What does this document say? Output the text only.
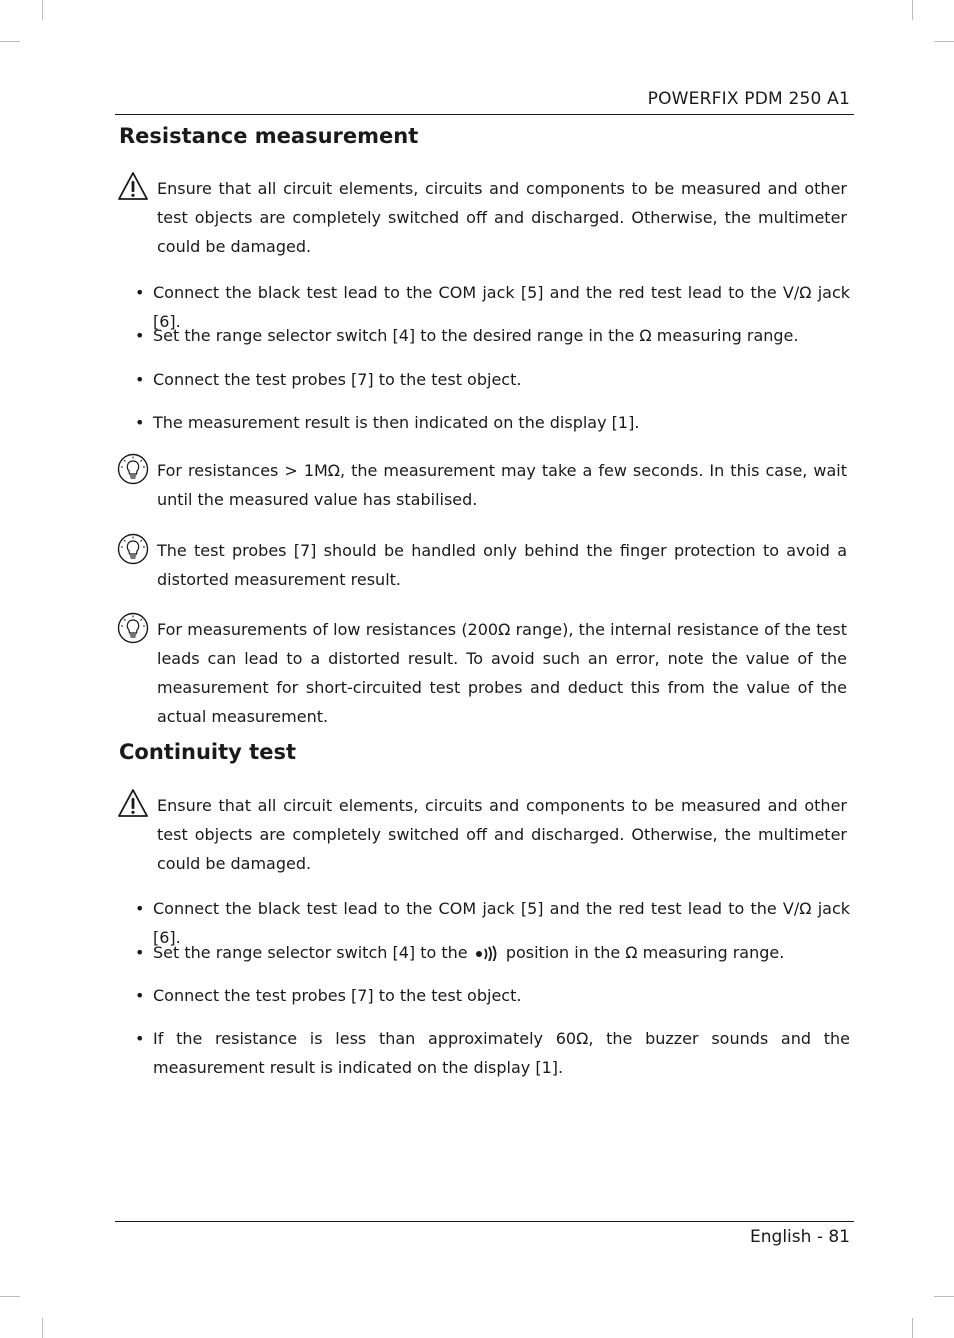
POWERFIX PDM 250 A1
Resistance measurement
Ensure that all circuit elements, circuits and components to be measured and other test objects are completely switched off and discharged. Otherwise, the multimeter could be damaged.
• Connect the black test lead to the COM jack [5] and the red test lead to the V/Ω jack [6].
• Set the range selector switch [4] to the desired range in the Ω measuring range.
• Connect the test probes [7] to the test object.
• The measurement result is then indicated on the display [1].
For resistances > 1MΩ, the measurement may take a few seconds. In this case, wait until the measured value has stabilised.
The test probes [7] should be handled only behind the finger protection to avoid a distorted measurement result.
For measurements of low resistances (200Ω range), the internal resistance of the test leads can lead to a distorted result. To avoid such an error, note the value of the measurement for short-circuited test probes and deduct this from the value of the actual measurement.
Continuity test
Ensure that all circuit elements, circuits and components to be measured and other test objects are completely switched off and discharged. Otherwise, the multimeter could be damaged.
• Connect the black test lead to the COM jack [5] and the red test lead to the V/Ω jack [6].
• Set the range selector switch [4] to the position in the Ω measuring range.
• Connect the test probes [7] to the test object.
• If the resistance is less than approximately 60Ω, the buzzer sounds and the measurement result is indicated on the display [1].
English - 81
